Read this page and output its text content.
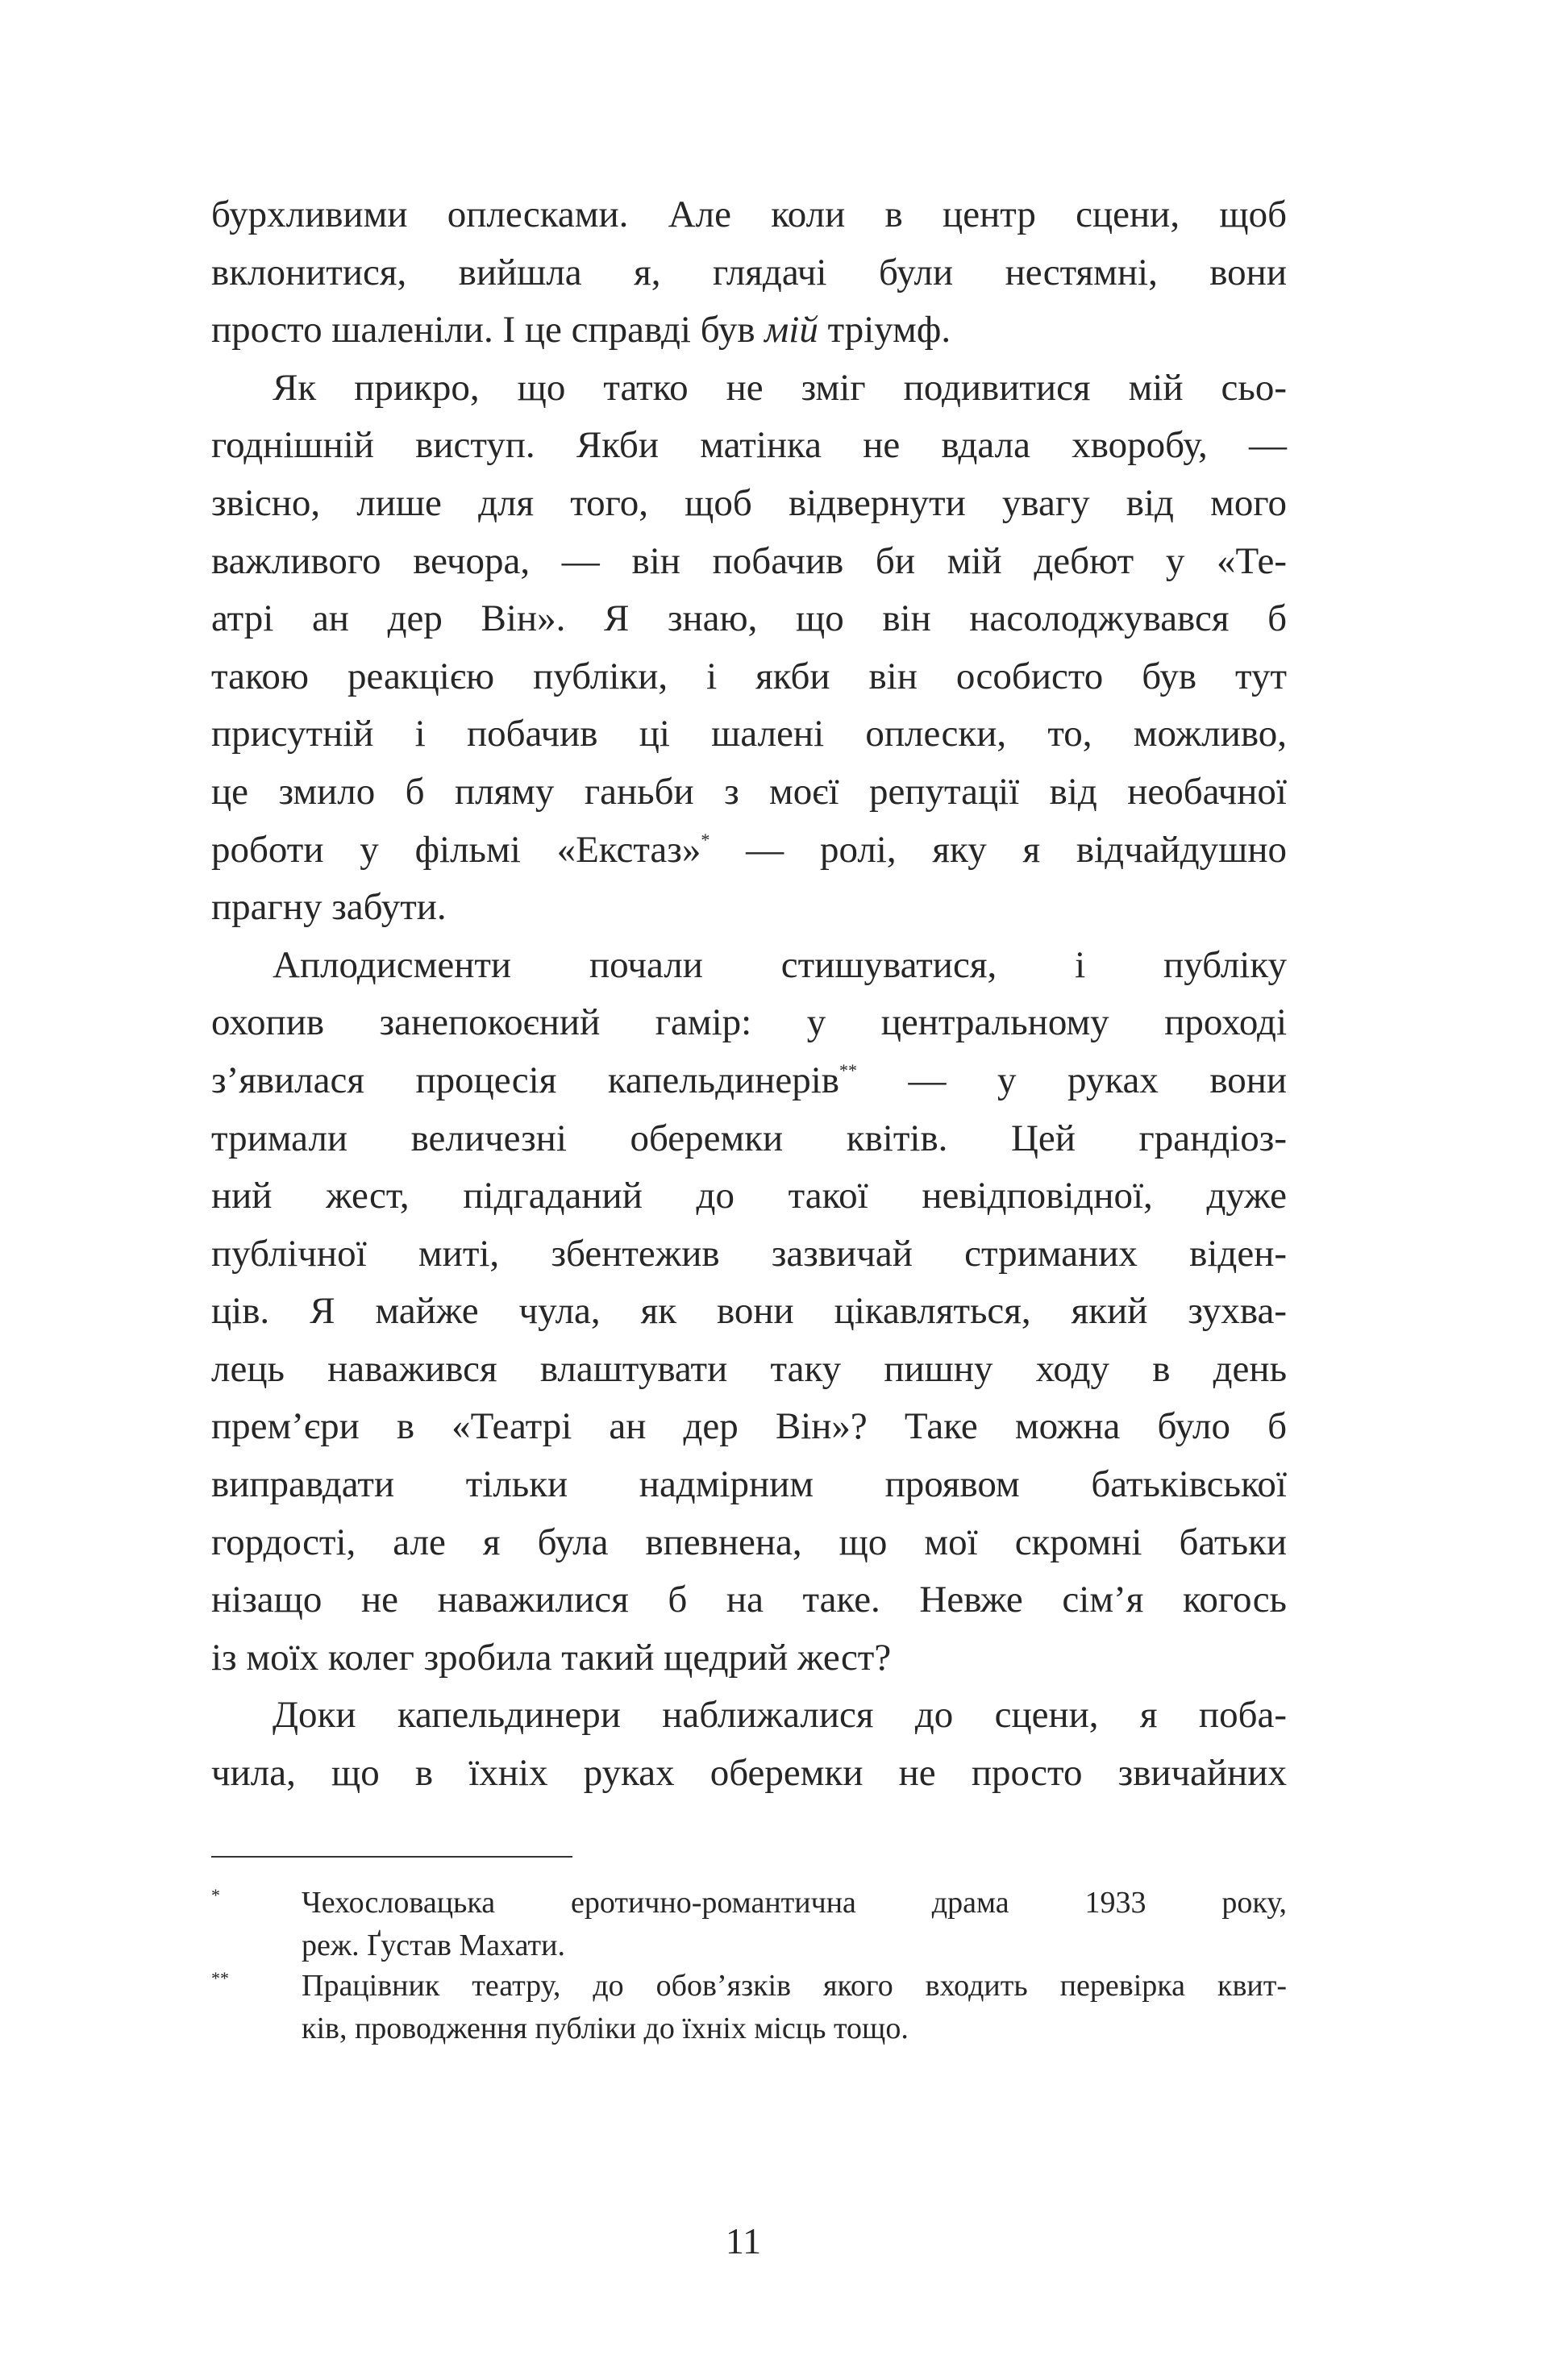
бурхливими оплесками. Але коли в центр сцени, щоб
вклонитися, вийшла я, глядачі були нестямні, вони
просто шаленіли. І це справді був мій тріумф.
Як прикро, що татко не зміг подивитися мій сьо-
годнішній виступ. Якби матінка не вдала хворобу, —
звісно, лише для того, щоб відвернути увагу від мого
важливого вечора, — він побачив би мій дебют у «Те-
атрі ан дер Він». Я знаю, що він насолоджувався б
такою реакцією публіки, і якби він особисто був тут
присутній і побачив ці шалені оплески, то, можливо,
це змило б пляму ганьби з моєї репутації від необачної
роботи у фільмі «Екстаз»* — ролі, яку я відчайдушно
прагну забути.
Аплодисменти почали стишуватися, і публіку
охопив занепокоєний гамір: у центральному проході
з’явилася процесія капельдинерів** — у руках вони
тримали величезні оберемки квітів. Цей грандіоз-
ний жест, підгаданий до такої невідповідної, дуже
публічної миті, збентежив зазвичай стриманих віден-
ців. Я майже чула, як вони цікавляться, який зухва-
лець наважився влаштувати таку пишну ходу в день
прем’єри в «Театрі ан дер Він»? Таке можна було б
виправдати тільки надмірним проявом батьківської
гордості, але я була впевнена, що мої скромні батьки
нізащо не наважилися б на таке. Невже сім’я когось
із моїх колег зробила такий щедрий жест?
Доки капельдинери наближалися до сцени, я поба-
чила, що в їхніх руках оберемки не просто звичайних
*	Чехословацька еротично-романтична драма 1933 року,
реж. Ґустав Махати.
** Працівник театру, до обов’язків якого входить перевірка квит-
ків, проводження публіки до їхніх місць тощо.
11
